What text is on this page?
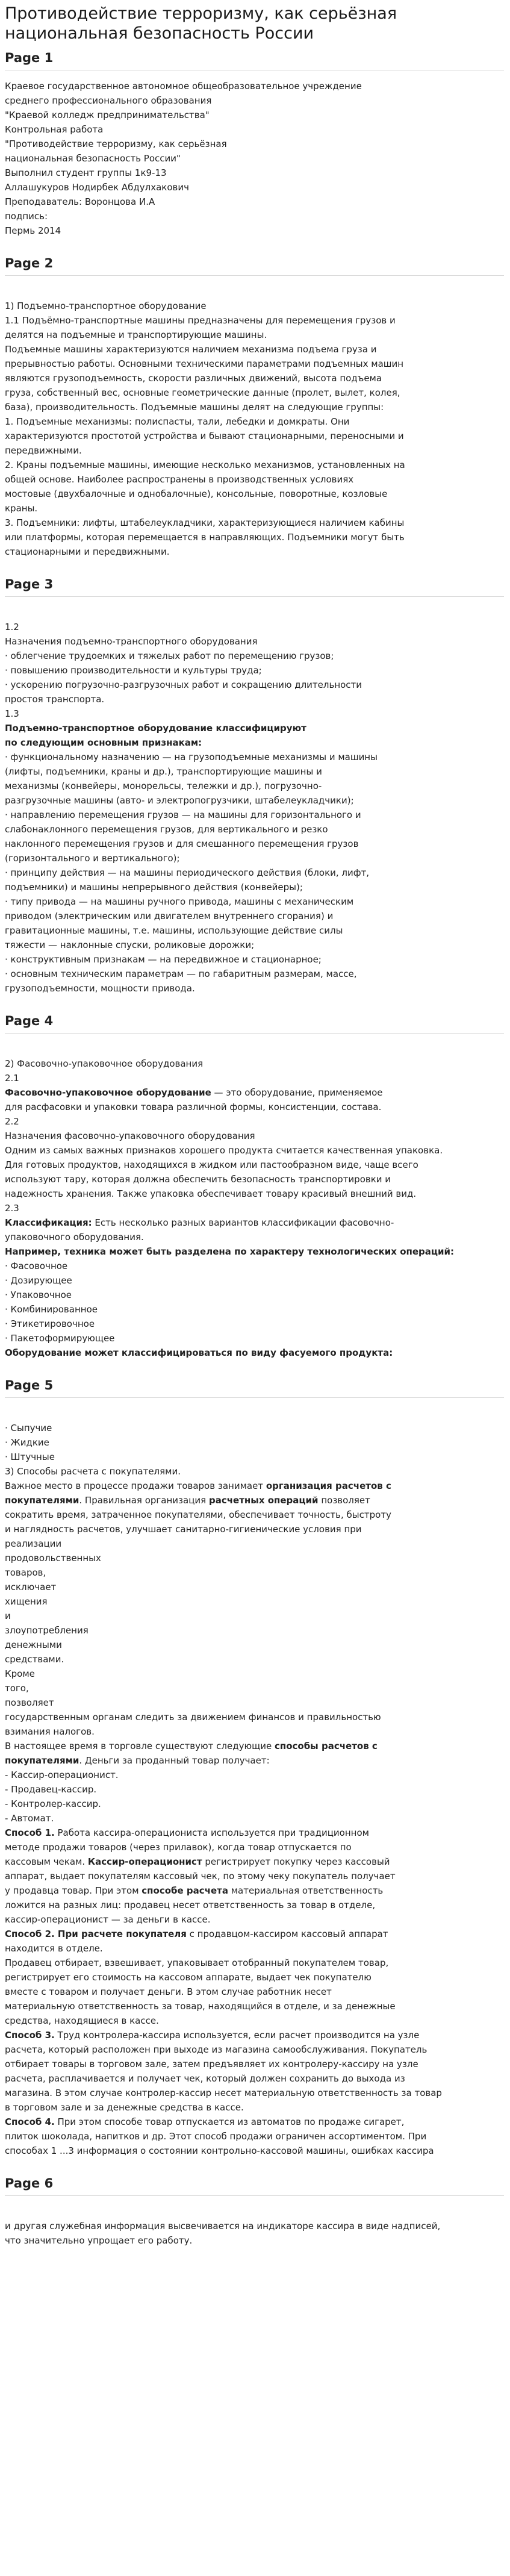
Противодействие терроризму, как серьёзная национальная безопасность России
Page 1

Краевое государственное автономное общеобразовательное учреждение

среднего профессионального образования

"Краевой колледж предпринимательства"

Контрольная работа

"Противодействие терроризму, как серьёзная

национальная безопасность России"

Выполнил студент группы 1к9-13

Аллашукуров Нодирбек Абдулхакович

Преподаватель: Воронцова И.А

подпись:

Пермь 2014

Page 2

1) Подъемно-транспортное оборудование

1.1 Подъёмно-транспортные машины предназначены для перемещения грузов и

делятся на подъемные и транспортирующие машины.

Подъемные машины характеризуются наличием механизма подъема груза и

прерывностью работы. Основными техническими параметрами подъемных машин

являются грузоподъемность, скорости различных движений, высота подъема

груза, собственный вес, основные геометрические данные (пролет, вылет, колея,

база), производительность. Подъемные машины делят на следующие группы:

1. Подъемные механизмы: полиспасты, тали, лебедки и домкраты. Они

характеризуются простотой устройства и бывают стационарными, переносными и

передвижными.

2. Краны подъемные машины, имеющие несколько механизмов, установленных на

общей основе. Наиболее распространены в производственных условиях

мостовые (двухбалочные и однобалочные), консольные, поворотные, козловые

краны.

3. Подъемники: лифты, штабелеукладчики, характеризующиеся наличием кабины

или платформы, которая перемещается в направляющих. Подъемники могут быть

стационарными и передвижными.

Page 3

1.2

Назначения подъемно-транспортного оборудования

· облегчение трудоемких и тяжелых работ по перемещению грузов;

· повышению производительности и культуры труда;

· ускорению погрузочно-разгрузочных работ и сокращению длительности

простоя транспорта.

1.3

Подъемно-транспортное оборудование классифицируют

по следующим основным признакам:

· функциональному назначению — на грузоподъемные механизмы и машины

(лифты, подъемники, краны и др.), транспортирующие машины и

механизмы (конвейеры, монорельсы, тележки и др.), погрузочно-

разгрузочные машины (авто- и электропогрузчики, штабелеукладчики);

· направлению перемещения грузов — на машины для горизонтального и

слабонаклонного перемещения грузов, для вертикального и резко

наклонного перемещения грузов и для смешанного перемещения грузов

(горизонтального и вертикального);

· принципу действия — на машины периодического действия (блоки, лифт,

подъемники) и машины непрерывного действия (конвейеры);

· типу привода — на машины ручного привода, машины с механическим

приводом (электрическим или двигателем внутреннего сгорания) и

гравитационные машины, т.е. машины, использующие действие силы

тяжести — наклонные спуски, роликовые дорожки;

· конструктивным признакам — на передвижное и стационарное;

· основным техническим параметрам — по габаритным размерам, массе,

грузоподъемности, мощности привода.

Page 4

2) Фасовочно-упаковочное оборудования

2.1

Фасовочно-упаковочное оборудование — это оборудование, применяемое

для расфасовки и упаковки товара различной формы, консистенции, состава.

2.2

Назначения фасовочно-упаковочного оборудования

Одним из самых важных признаков хорошего продукта считается качественная упаковка.

Для готовых продуктов, находящихся в жидком или пастообразном виде, чаще всего

используют тару, которая должна обеспечить безопасность транспортировки и

надежность хранения. Также упаковка обеспечивает товару красивый внешний вид.

2.3

Классификация: Есть несколько разных вариантов классификации фасовочно-

упаковочного оборудования.

Например, техника может быть разделена по характеру технологических операций:

· Фасовочное

· Дозирующее

· Упаковочное

· Комбинированное

· Этикетировочное

· Пакетоформирующее

Оборудование может классифицироваться по виду фасуемого продукта:

Page 5

· Сыпучие

· Жидкие

· Штучные

3) Способы расчета с покупателями.

Важное место в процессе продажи товаров занимает организация расчетов с

покупателями. Правильная организация расчетных операций позволяет

сократить время, затраченное покупателями, обеспечивает точность, быстроту

и наглядность расчетов, улучшает санитарно-гигиенические условия при

реализации

продовольственных

товаров,

исключает

хищения

и

злоупотребления

денежными

средствами.

Кроме

того,

позволяет

государственным органам следить за движением финансов и правильностью

взимания налогов.

В настоящее время в торговле существуют следующие способы расчетов с

покупателями. Деньги за проданный товар получает:

- Кассир-операционист.

- Продавец-кассир.

- Контролер-кассир.

- Автомат.

Способ 1. Работа кассира-операциониста используется при традиционном

методе продажи товаров (через прилавок), когда товар отпускается по

кассовым чекам. Кассир-операционист регистрирует покупку через кассовый

аппарат, выдает покупателям кассовый чек, по этому чеку покупатель получает

у продавца товар. При этом способе расчета материальная ответственность

ложится на разных лиц: продавец несет ответственность за товар в отделе,

кассир-операционист — за деньги в кассе.

Способ 2. При расчете покупателя с продавцом-кассиром кассовый аппарат

находится в отделе.

Продавец отбирает, взвешивает, упаковывает отобранный покупателем товар,

регистрирует его стоимость на кассовом аппарате, выдает чек покупателю

вместе с товаром и получает деньги. В этом случае работник несет

материальную ответственность за товар, находящийся в отделе, и за денежные

средства, находящиеся в кассе.

Способ 3. Труд контролера-кассира используется, если расчет производится на узле

расчета, который расположен при выходе из магазина самообслуживания. Покупатель

отбирает товары в торговом зале, затем предъявляет их контролеру-кассиру на узле

расчета, расплачивается и получает чек, который должен сохранить до выхода из

магазина. В этом случае контролер-кассир несет материальную ответственность за товар

в торговом зале и за денежные средства в кассе.

Способ 4. При этом способе товар отпускается из автоматов по продаже сигарет,

плиток шоколада, напитков и др. Этот способ продажи ограничен ассортиментом. При

способах 1 ...3 информация о состоянии контрольно-кассовой машины, ошибках кассира

Page 6

и другая служебная информация высвечивается на индикаторе кассира в виде надписей,

что значительно упрощает его работу.
